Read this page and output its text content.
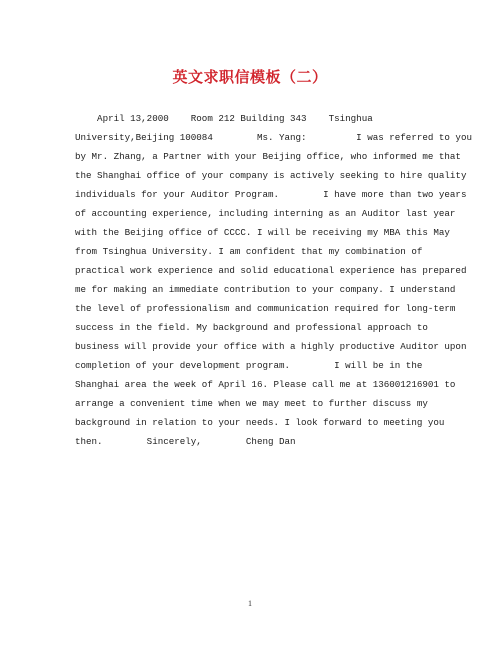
英文求职信模板（二）
April 13,2000    Room 212 Building 343    Tsinghua
University,Beijing 100084        Ms. Yang:         I was referred to you
by Mr. Zhang, a Partner with your Beijing office, who informed me that
the Shanghai office of your company is actively seeking to hire quality
individuals for your Auditor Program.        I have more than two years
of accounting experience, including interning as an Auditor last year
with the Beijing office of CCCC. I will be receiving my MBA this May
from Tsinghua University. I am confident that my combination of
practical work experience and solid educational experience has prepared
me for making an immediate contribution to your company. I understand
the level of professionalism and communication required for long-term
success in the field. My background and professional approach to
business will provide your office with a highly productive Auditor upon
completion of your development program.        I will be in the
Shanghai area the week of April 16. Please call me at 136001216901 to
arrange a convenient time when we may meet to further discuss my
background in relation to your needs. I look forward to meeting you
then.        Sincerely,        Cheng Dan
1
